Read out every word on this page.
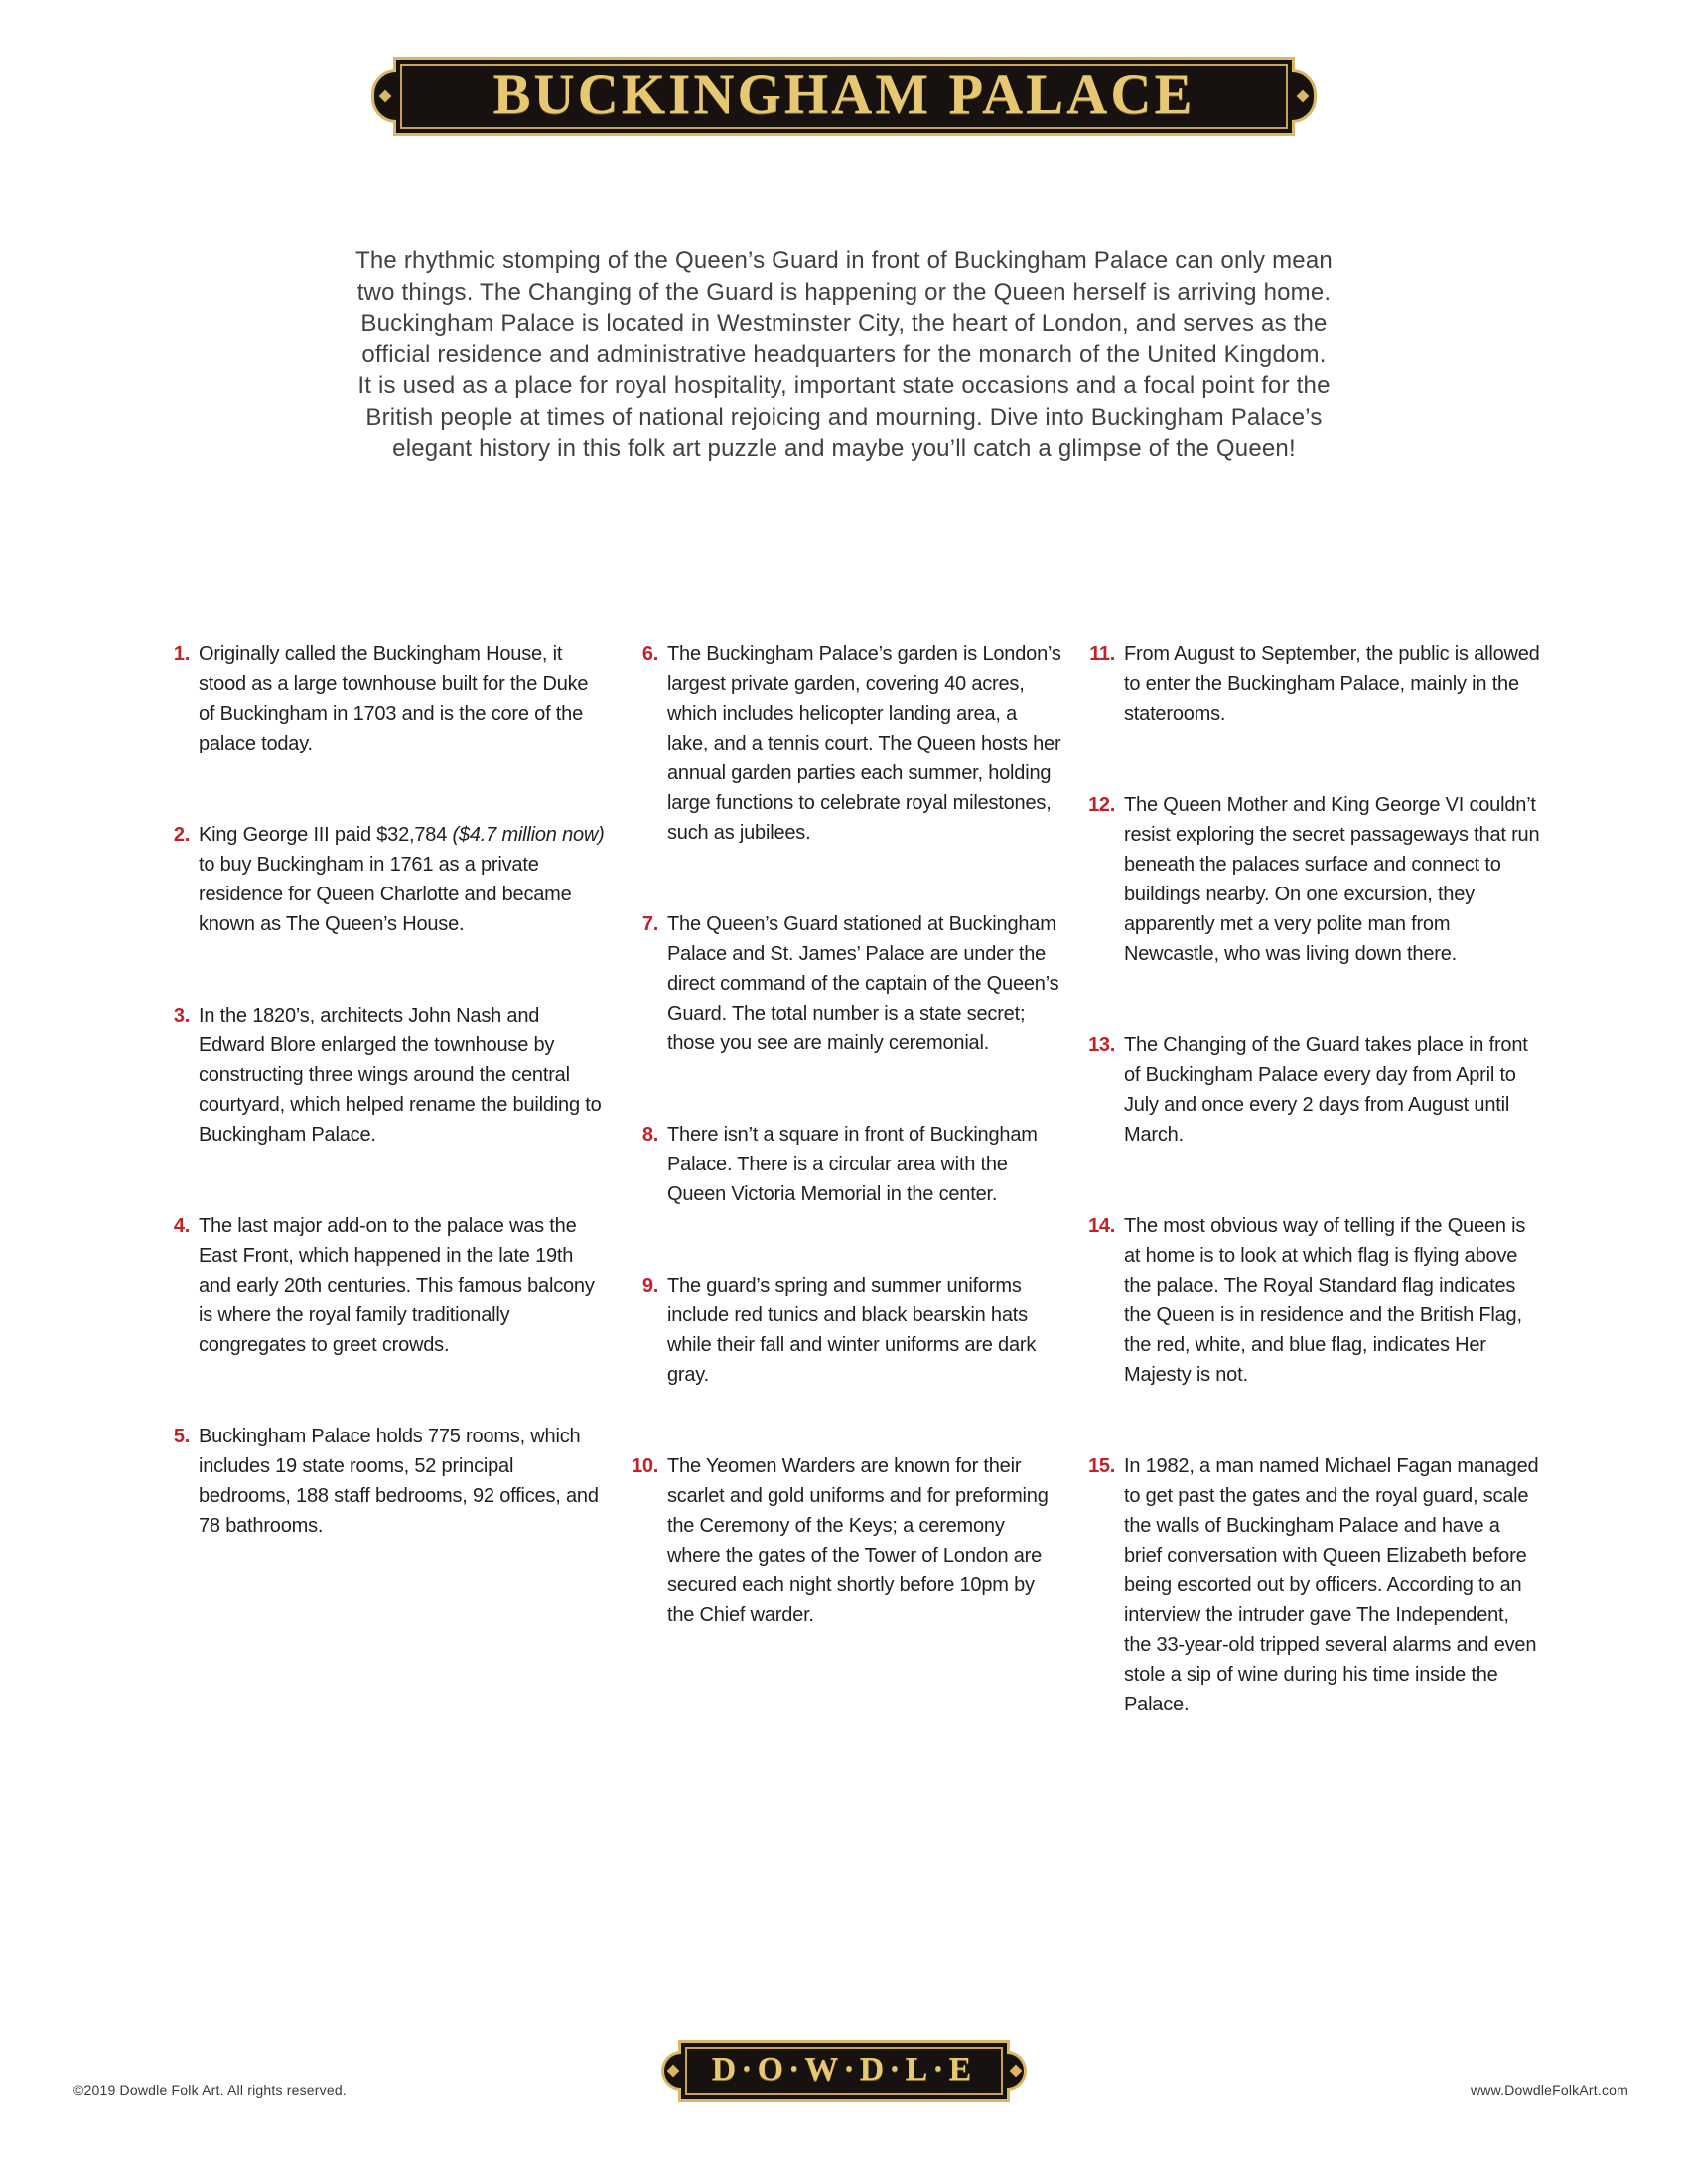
BUCKINGHAM PALACE
The rhythmic stomping of the Queen’s Guard in front of Buckingham Palace can only mean
two things. The Changing of the Guard is happening or the Queen herself is arriving home.
Buckingham Palace is located in Westminster City, the heart of London, and serves as the
official residence and administrative headquarters for the monarch of the United Kingdom.
It is used as a place for royal hospitality, important state occasions and a focal point for the
British people at times of national rejoicing and mourning. Dive into Buckingham Palace’s
elegant history in this folk art puzzle and maybe you’ll catch a glimpse of the Queen!
1. Originally called the Buckingham House, it stood as a large townhouse built for the Duke of Buckingham in 1703 and is the core of the palace today.

2. King George III paid $32,784 ($4.7 million now) to buy Buckingham in 1761 as a private residence for Queen Charlotte and became known as The Queen’s House.

3. In the 1820’s, architects John Nash and Edward Blore enlarged the townhouse by constructing three wings around the central courtyard, which helped rename the building to Buckingham Palace.

4. The last major add-on to the palace was the East Front, which happened in the late 19th and early 20th centuries. This famous balcony is where the royal family traditionally congregates to greet crowds.

5. Buckingham Palace holds 775 rooms, which includes 19 state rooms, 52 principal bedrooms, 188 staff bedrooms, 92 offices, and 78 bathrooms.

6. The Buckingham Palace’s garden is London’s largest private garden, covering 40 acres, which includes helicopter landing area, a lake, and a tennis court. The Queen hosts her annual garden parties each summer, holding large functions to celebrate royal milestones, such as jubilees.

7. The Queen’s Guard stationed at Buckingham Palace and St. James’ Palace are under the direct command of the captain of the Queen’s Guard. The total number is a state secret; those you see are mainly ceremonial.

8. There isn’t a square in front of Buckingham Palace. There is a circular area with the Queen Victoria Memorial in the center.

9. The guard’s spring and summer uniforms include red tunics and black bearskin hats while their fall and winter uniforms are dark gray.

10. The Yeomen Warders are known for their scarlet and gold uniforms and for preforming the Ceremony of the Keys; a ceremony where the gates of the Tower of London are secured each night shortly before 10pm by the Chief warder.

11. From August to September, the public is allowed to enter the Buckingham Palace, mainly in the staterooms.

12. The Queen Mother and King George VI couldn’t resist exploring the secret passageways that run beneath the palaces surface and connect to buildings nearby. On one excursion, they apparently met a very polite man from Newcastle, who was living down there.

13. The Changing of the Guard takes place in front of Buckingham Palace every day from April to July and once every 2 days from August until March.

14. The most obvious way of telling if the Queen is at home is to look at which flag is flying above the palace. The Royal Standard flag indicates the Queen is in residence and the British Flag, the red, white, and blue flag, indicates Her Majesty is not.

15. In 1982, a man named Michael Fagan managed to get past the gates and the royal guard, scale the walls of Buckingham Palace and have a brief conversation with Queen Elizabeth before being escorted out by officers. According to an interview the intruder gave The Independent, the 33-year-old tripped several alarms and even stole a sip of wine during his time inside the Palace.

D·O·W·D·L·E
©2019 Dowdle Folk Art. All rights reserved.	www.DowdleFolkArt.com
